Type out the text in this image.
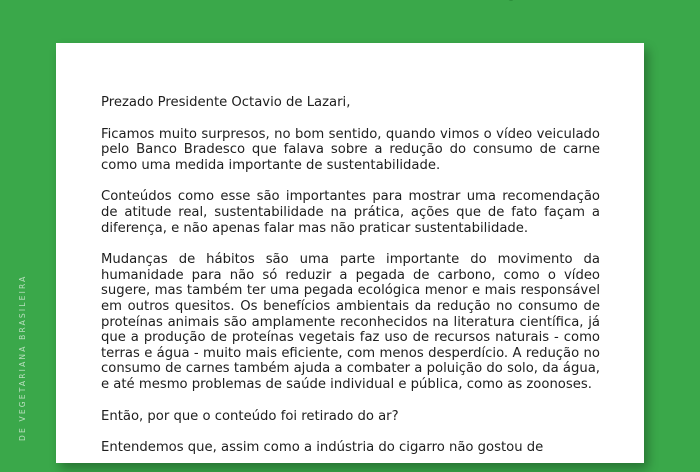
DE VEGETARIANA BRASILEIRA

Prezado Presidente Octavio de Lazari,

Ficamos muito surpresos, no bom sentido, quando vimos o vídeo veiculado pelo Banco Bradesco que falava sobre a redução do consumo de carne como uma medida importante de sustentabilidade.

Conteúdos como esse são importantes para mostrar uma recomendação de atitude real, sustentabilidade na prática, ações que de fato façam a diferença, e não apenas falar mas não praticar sustentabilidade.

Mudanças de hábitos são uma parte importante do movimento da humanidade para não só reduzir a pegada de carbono, como o vídeo sugere, mas também ter uma pegada ecológica menor e mais responsável em outros quesitos. Os benefícios ambientais da redução no consumo de proteínas animais são amplamente reconhecidos na literatura científica, já que a produção de proteínas vegetais faz uso de recursos naturais - como terras e água - muito mais eficiente, com menos desperdício. A redução no consumo de carnes também ajuda a combater a poluição do solo, da água, e até mesmo problemas de saúde individual e pública, como as zoonoses.

Então, por que o conteúdo foi retirado do ar?

Entendemos que, assim como a indústria do cigarro não gostou de
